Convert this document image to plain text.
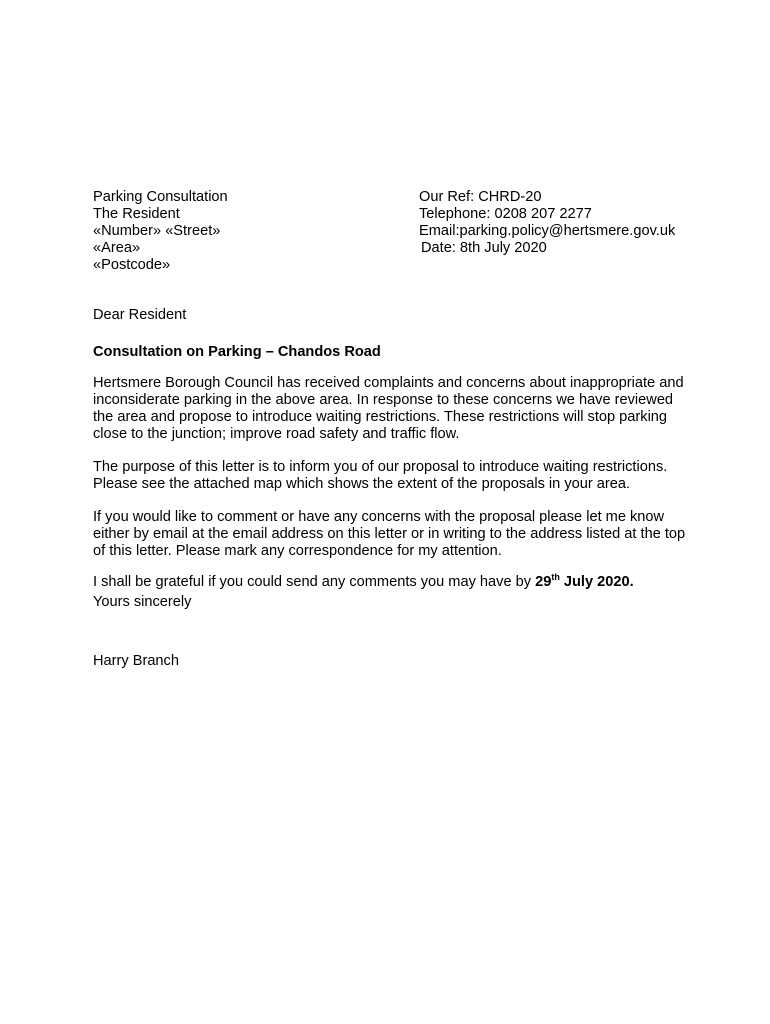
Parking Consultation
The Resident
«Number» «Street»
«Area»
«Postcode»
Our Ref: CHRD-20
Telephone: 0208 207 2277
Email:parking.policy@hertsmere.gov.uk
Date: 8th July 2020
Dear Resident
Consultation on Parking – Chandos Road
Hertsmere Borough Council has received complaints and concerns about inappropriate and
inconsiderate parking in the above area. In response to these concerns we have reviewed
the area and propose to introduce waiting restrictions. These restrictions will stop parking
close to the junction; improve road safety and traffic flow.
The purpose of this letter is to inform you of our proposal to introduce waiting restrictions.
Please see the attached map which shows the extent of the proposals in your area.
If you would like to comment or have any concerns with the proposal please let me know
either by email at the email address on this letter or in writing to the address listed at the top
of this letter. Please mark any correspondence for my attention.
I shall be grateful if you could send any comments you may have by 29th July 2020.
Yours sincerely
Harry Branch
